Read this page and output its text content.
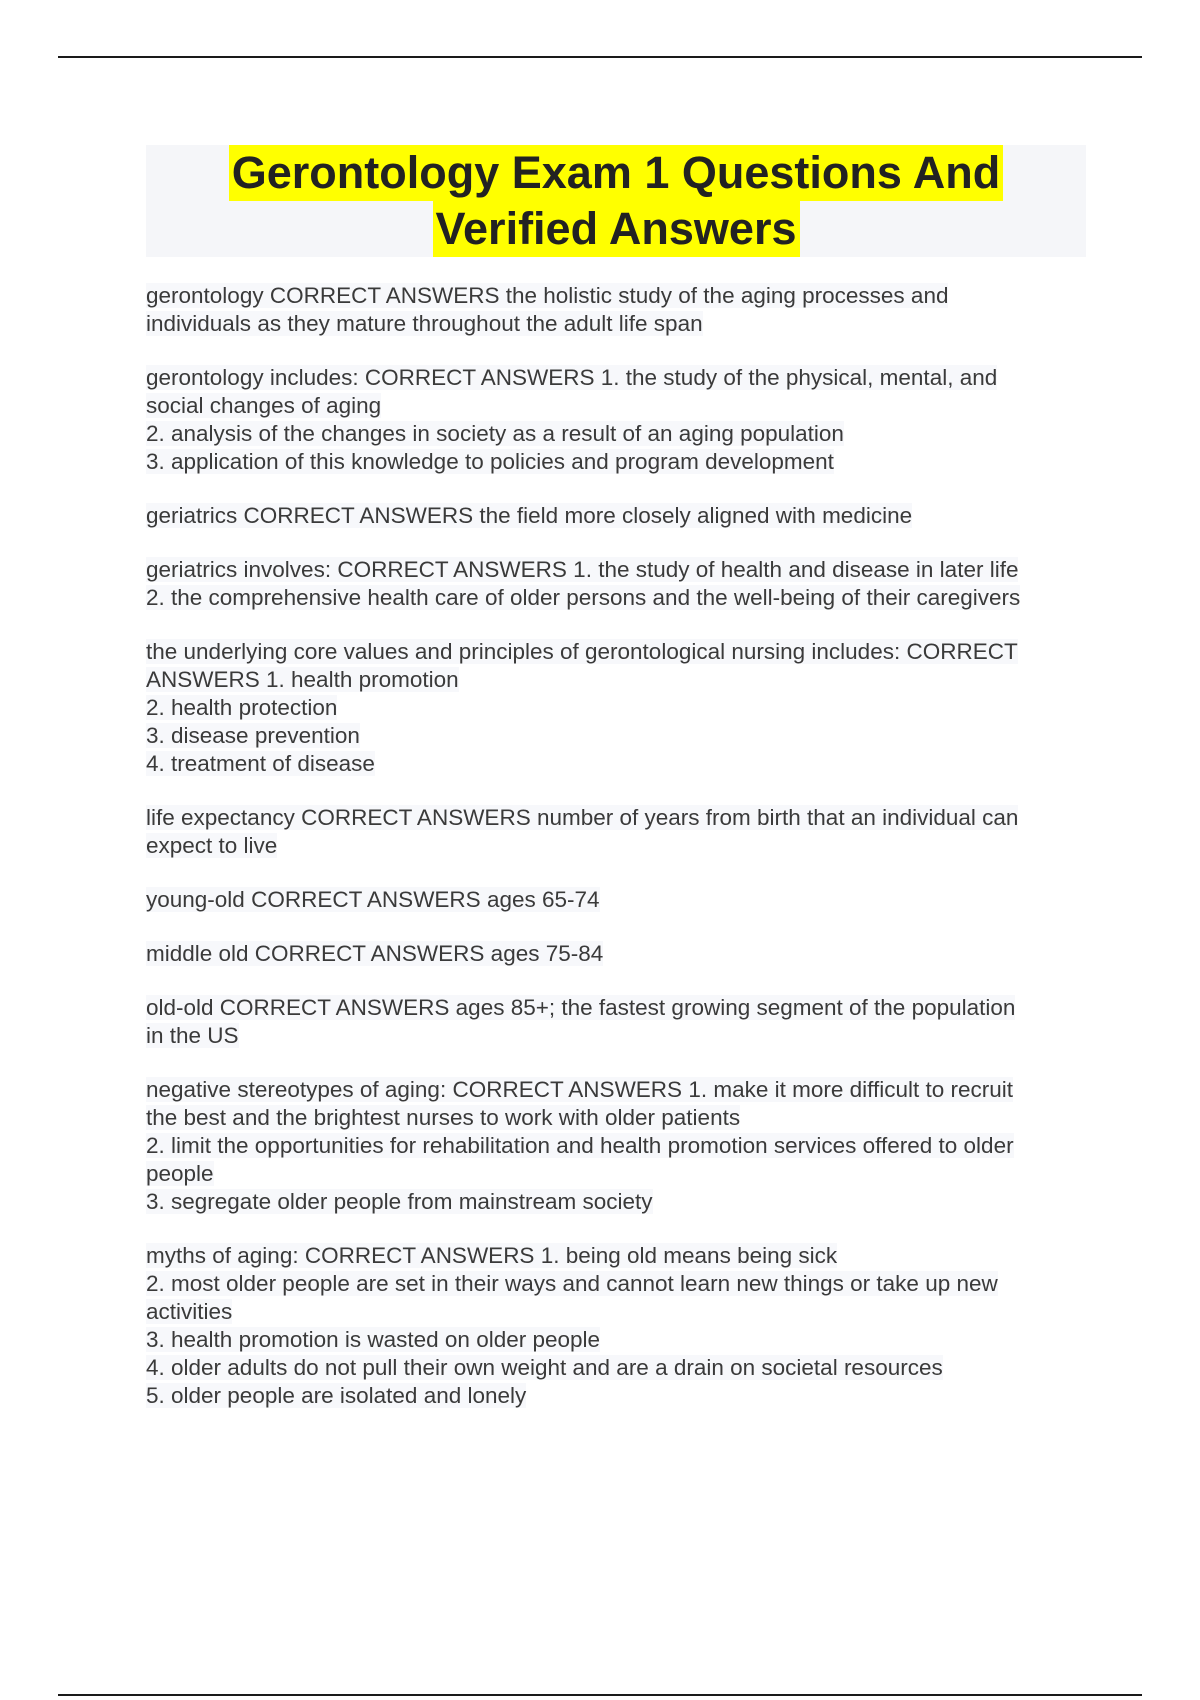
Gerontology Exam 1 Questions And
Verified Answers
gerontology CORRECT ANSWERS the holistic study of the aging processes and
individuals as they mature throughout the adult life span
gerontology includes: CORRECT ANSWERS 1. the study of the physical, mental, and
social changes of aging
2. analysis of the changes in society as a result of an aging population
3. application of this knowledge to policies and program development
geriatrics CORRECT ANSWERS the field more closely aligned with medicine
geriatrics involves: CORRECT ANSWERS 1. the study of health and disease in later life
2. the comprehensive health care of older persons and the well-being of their caregivers
the underlying core values and principles of gerontological nursing includes: CORRECT
ANSWERS 1. health promotion
2. health protection
3. disease prevention
4. treatment of disease
life expectancy CORRECT ANSWERS number of years from birth that an individual can
expect to live
young-old CORRECT ANSWERS ages 65-74
middle old CORRECT ANSWERS ages 75-84
old-old CORRECT ANSWERS ages 85+; the fastest growing segment of the population
in the US
negative stereotypes of aging: CORRECT ANSWERS 1. make it more difficult to recruit
the best and the brightest nurses to work with older patients
2. limit the opportunities for rehabilitation and health promotion services offered to older
people
3. segregate older people from mainstream society
myths of aging: CORRECT ANSWERS 1. being old means being sick
2. most older people are set in their ways and cannot learn new things or take up new
activities
3. health promotion is wasted on older people
4. older adults do not pull their own weight and are a drain on societal resources
5. older people are isolated and lonely
